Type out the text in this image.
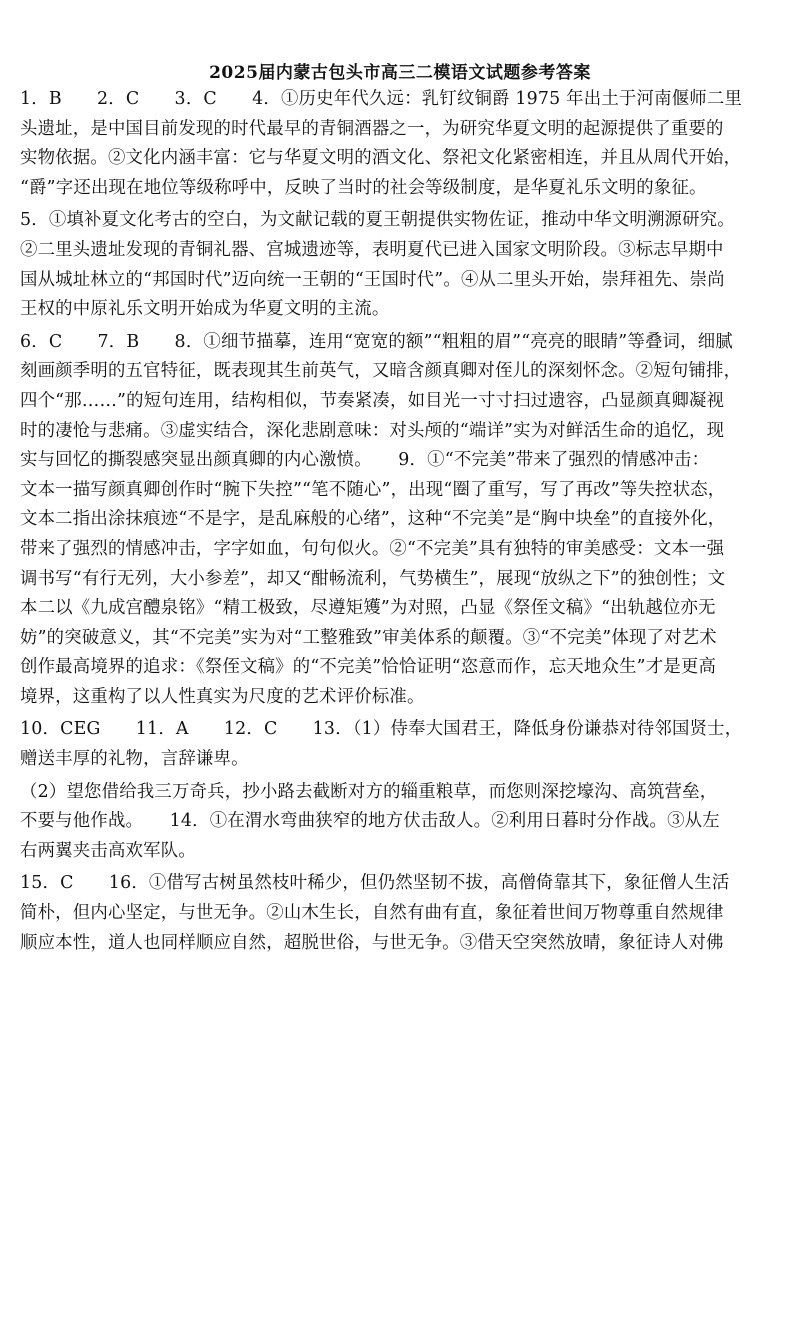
2025届内蒙古包头市高三二模语文试题参考答案
1．B　　2．C　　3．C　　4．①历史年代久远：乳钉纹铜爵 1975 年出土于河南偃师二里
头遗址，是中国目前发现的时代最早的青铜酒器之一，为研究华夏文明的起源提供了重要的
实物依据。②文化内涵丰富：它与华夏文明的酒文化、祭祀文化紧密相连，并且从周代开始，
“爵”字还出现在地位等级称呼中，反映了当时的社会等级制度，是华夏礼乐文明的象征。
5．①填补夏文化考古的空白，为文献记载的夏王朝提供实物佐证，推动中华文明溯源研究。
②二里头遗址发现的青铜礼器、宫城遗迹等，表明夏代已进入国家文明阶段。③标志早期中
国从城址林立的“邦国时代”迈向统一王朝的“王国时代”。④从二里头开始，崇拜祖先、崇尚
王权的中原礼乐文明开始成为华夏文明的主流。
6．C　　7．B　　8．①细节描摹，连用“宽宽的额”“粗粗的眉”“亮亮的眼睛”等叠词，细腻
刻画颜季明的五官特征，既表现其生前英气，又暗含颜真卿对侄儿的深刻怀念。②短句铺排，
四个“那……”的短句连用，结构相似，节奏紧凑，如目光一寸寸扫过遗容，凸显颜真卿凝视
时的凄怆与悲痛。③虚实结合，深化悲剧意味：对头颅的“端详”实为对鲜活生命的追忆，现
实与回忆的撕裂感突显出颜真卿的内心激愤。　　9．①“不完美”带来了强烈的情感冲击：
文本一描写颜真卿创作时“腕下失控”“笔不随心”，出现“圈了重写，写了再改”等失控状态，
文本二指出涂抹痕迹“不是字，是乱麻般的心绪”，这种“不完美”是“胸中块垒”的直接外化，
带来了强烈的情感冲击，字字如血，句句似火。②“不完美”具有独特的审美感受：文本一强
调书写“有行无列，大小参差”，却又“酣畅流利，气势横生”，展现“放纵之下”的独创性；文
本二以《九成宫醴泉铭》“精工极致，尽遵矩矱”为对照，凸显《祭侄文稿》“出轨越位亦无
妨”的突破意义，其“不完美”实为对“工整雅致”审美体系的颠覆。③“不完美”体现了对艺术
创作最高境界的追求：《祭侄文稿》的“不完美”恰恰证明“恣意而作，忘天地众生”才是更高
境界，这重构了以人性真实为尺度的艺术评价标准。
10．CEG　　11．A　　12．C　　13．（1）侍奉大国君王，降低身份谦恭对待邻国贤士，
赠送丰厚的礼物，言辞谦卑。
（2）望您借给我三万奇兵，抄小路去截断对方的辎重粮草，而您则深挖壕沟、高筑营垒，
不要与他作战。　　14．①在渭水弯曲狭窄的地方伏击敌人。②利用日暮时分作战。③从左
右两翼夹击高欢军队。
15．C　　16．①借写古树虽然枝叶稀少，但仍然坚韧不拔，高僧倚靠其下，象征僧人生活
简朴，但内心坚定，与世无争。②山木生长，自然有曲有直，象征着世间万物尊重自然规律
顺应本性，道人也同样顺应自然，超脱世俗，与世无争。③借天空突然放晴，象征诗人对佛
